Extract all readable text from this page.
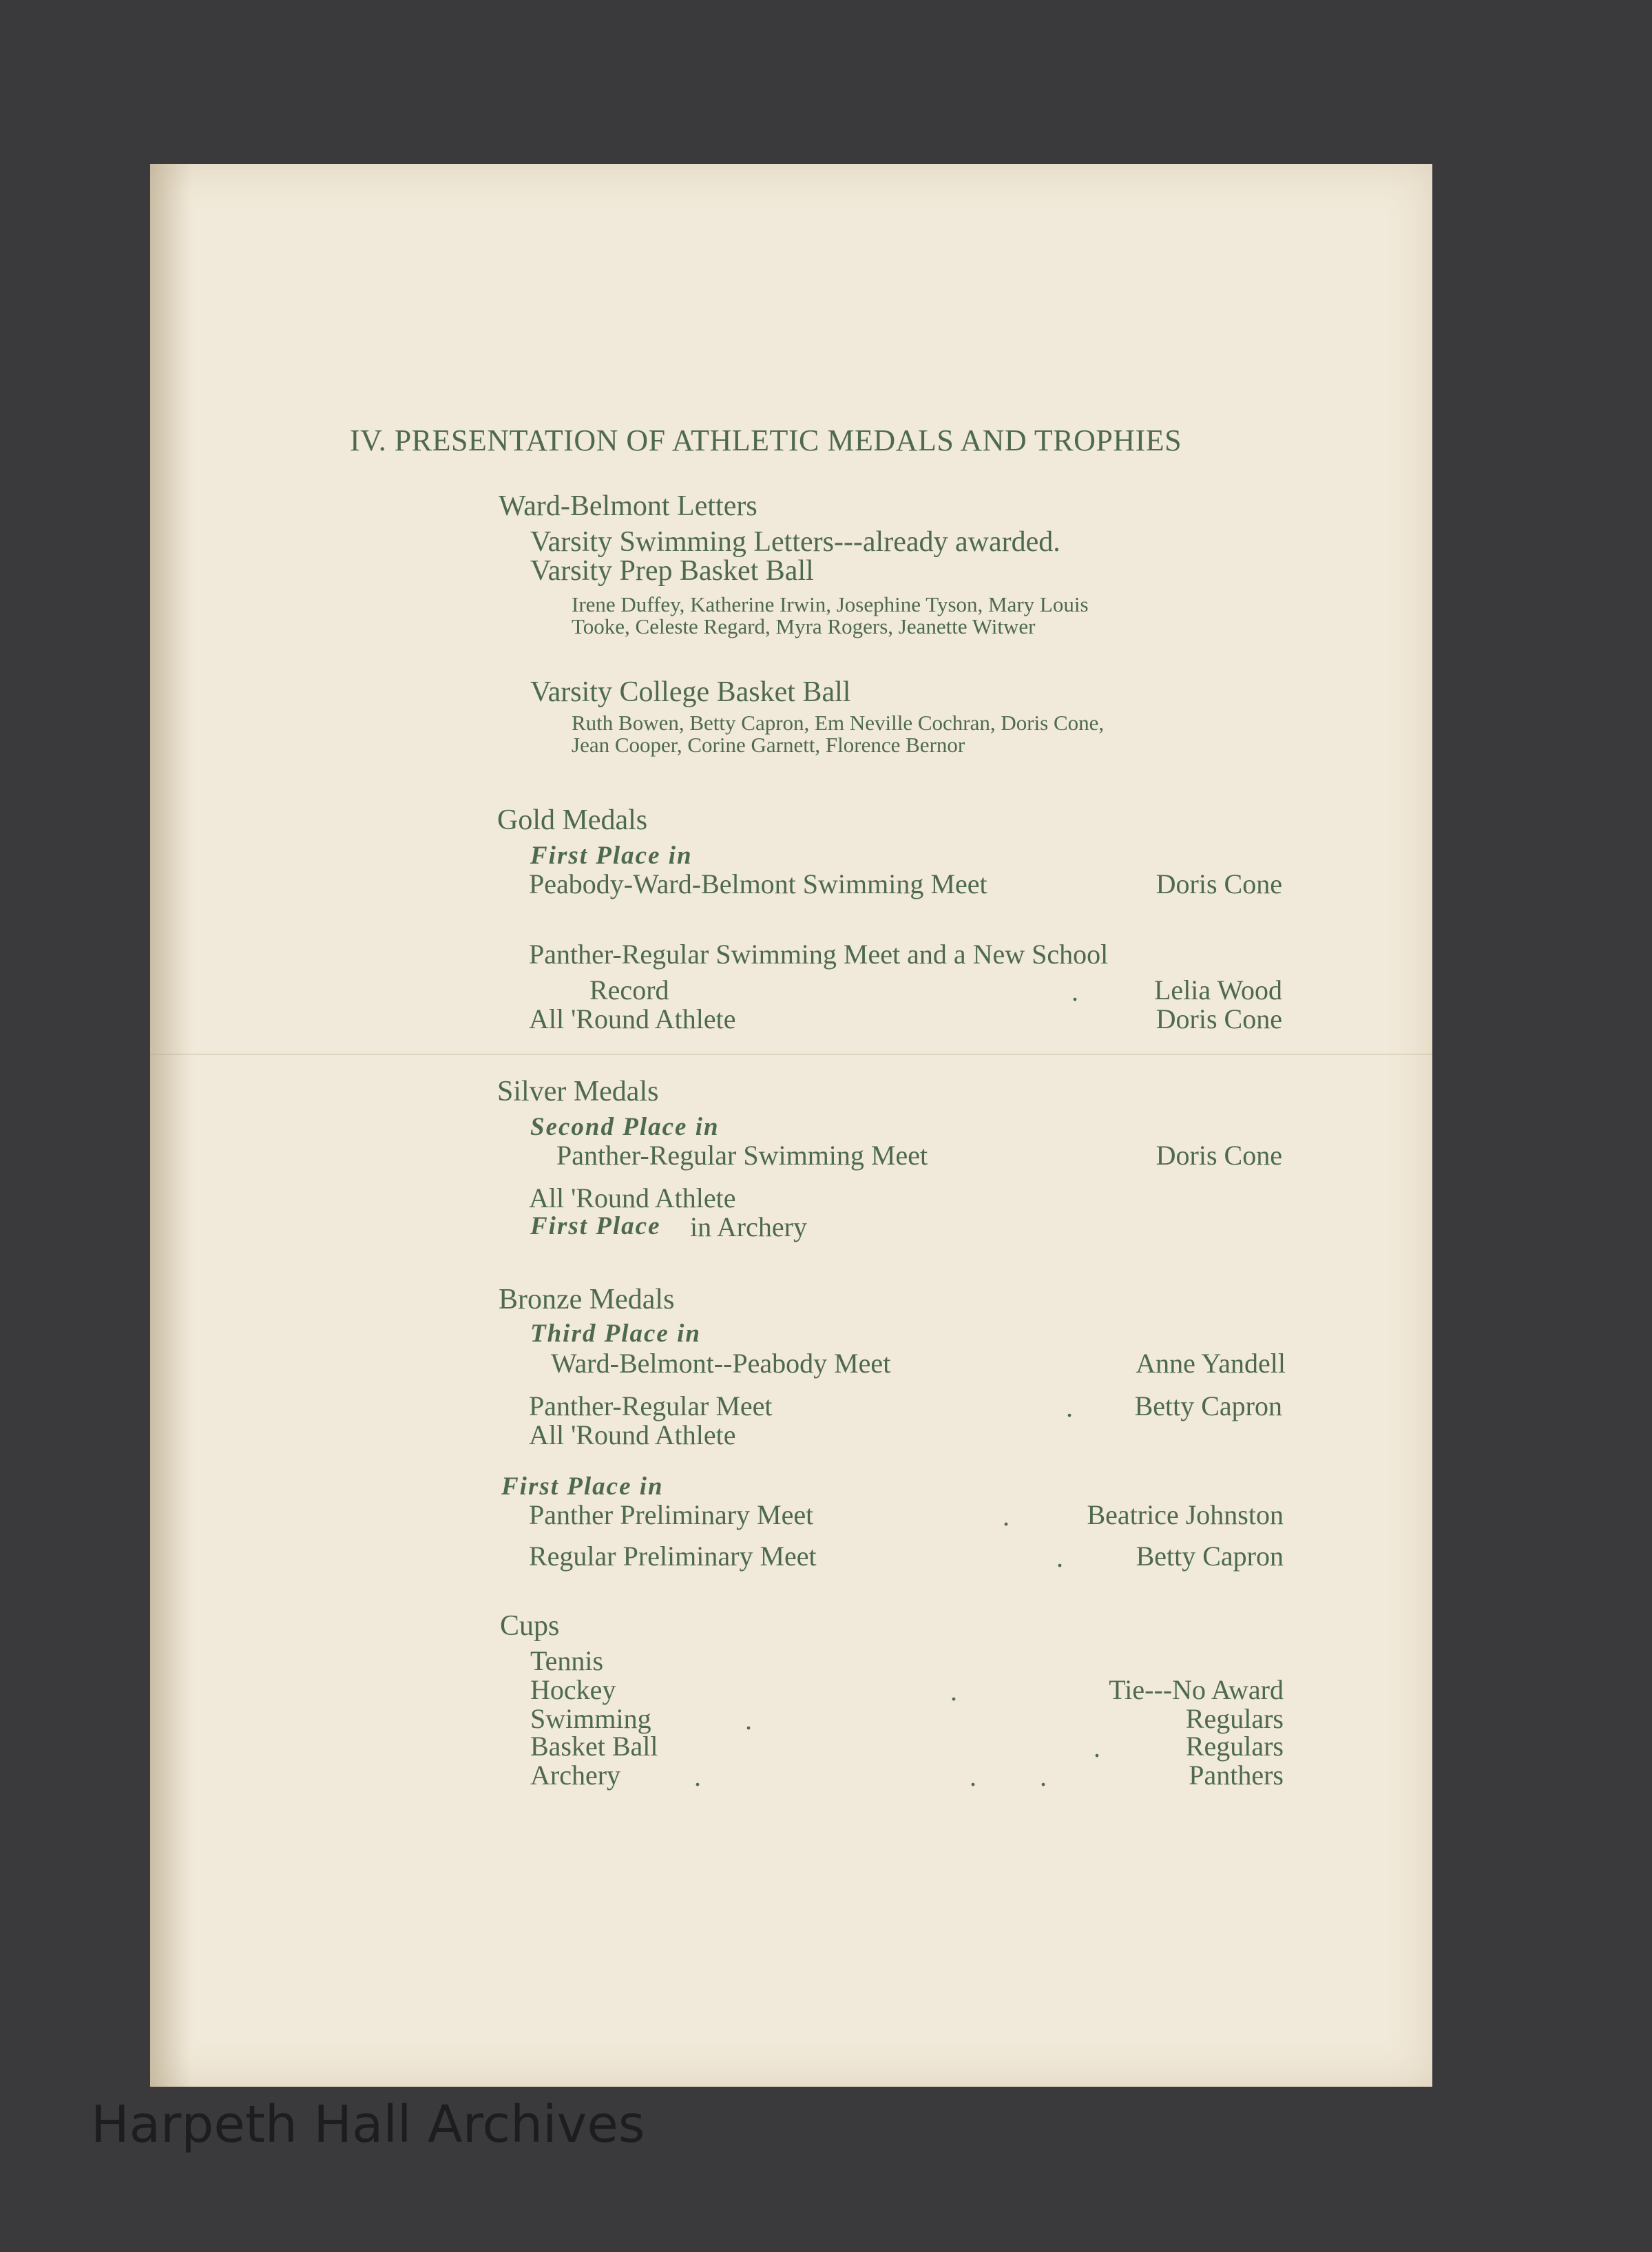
IV. PRESENTATION OF ATHLETIC MEDALS AND TROPHIES
Ward-Belmont Letters
Varsity Swimming Letters---already awarded.
Varsity Prep Basket Ball
Irene Duffey, Katherine Irwin, Josephine Tyson, Mary Louis
Tooke, Celeste Regard, Myra Rogers, Jeanette Witwer
Varsity College Basket Ball
Ruth Bowen, Betty Capron, Em Neville Cochran, Doris Cone,
Jean Cooper, Corine Garnett, Florence Bernor
Gold Medals
First Place in
Peabody-Ward-Belmont Swimming Meet	Doris Cone
Panther-Regular Swimming Meet and a New School
Record	.	Lelia Wood
All 'Round Athlete	Doris Cone
Silver Medals
Second Place in
Panther-Regular Swimming Meet	Doris Cone
All 'Round Athlete
First Place in Archery
Bronze Medals
Third Place in
Ward-Belmont--Peabody Meet	Anne Yandell
Panther-Regular Meet	. Betty Capron
All 'Round Athlete
First Place in
Panther Preliminary Meet	.	Beatrice Johnston
Regular Preliminary Meet	.	Betty Capron
Cups
Tennis
Hockey	.	Tie---No Award
Swimming	.	Regulars
Basket Ball	.	Regulars
Archery	.	. .	Panthers
Harpeth Hall Archives
